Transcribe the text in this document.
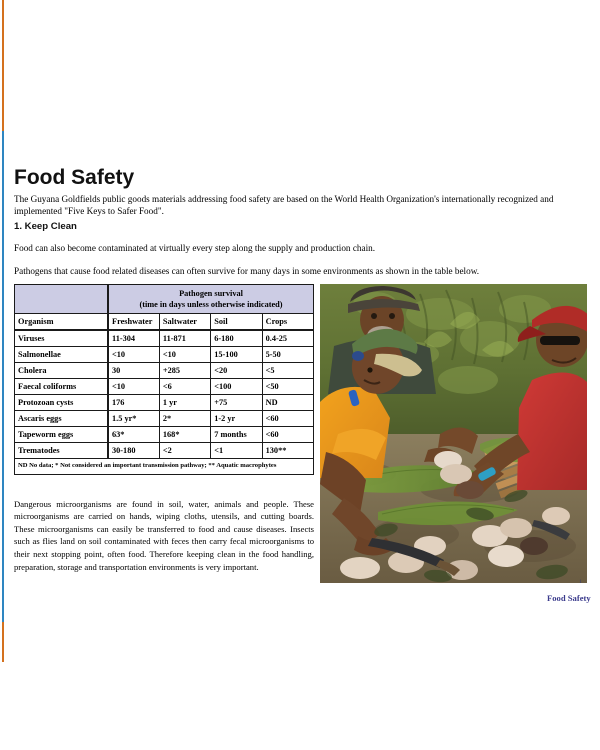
Food Safety

The Guyana Goldfields public goods materials addressing food safety are based on the World Health Organization's internationally recognized and implemented "Five Keys to Safer Food".

1. Keep Clean

Food can also become contaminated at virtually every step along the supply and production chain.

Pathogens that cause food related diseases can often survive for many days in some environments as shown in the table below.

	Pathogen survival
(time in days unless otherwise indicated)			
Organism	Freshwater	Saltwater	Soil	Crops
Viruses	11-304	11-871	6-180	0.4-25
Salmonellae	<10	<10	15-100	5-50
Cholera	30	+285	<20	<5
Faecal coliforms	<10	<6	<100	<50
Protozoan cysts	176	1 yr	+75	ND
Ascaris eggs	1.5 yr*	2*	1-2 yr	<60
Tapeworm eggs	63*	168*	7 months	<60
Trematodes	30-180	<2	<1	130**
ND No data; * Not considered an important transmission pathway; ** Aquatic macrophytes				

Dangerous microorganisms are found in soil, water, animals and people. These microorganisms are carried on hands, wiping cloths, utensils, and cutting boards. These microorganisms can easily be transferred to food and cause diseases. Insects such as flies land on soil contaminated with feces then carry fecal microorganisms to their next stopping point, often food. Therefore keeping clean in the food handling, preparation, storage and transportation environments is very important.

1
Food Safety
